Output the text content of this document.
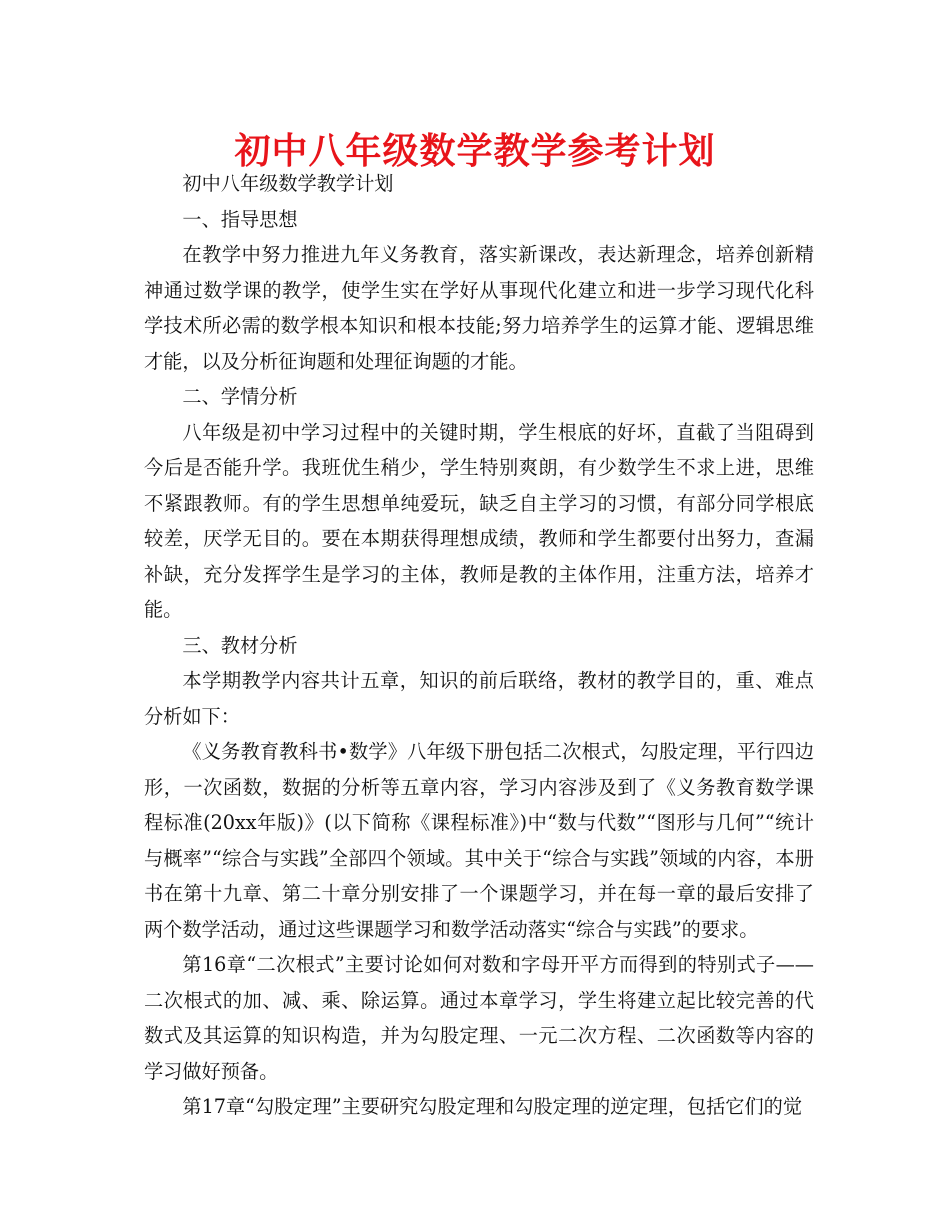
初中八年级数学教学参考计划

初中八年级数学教学计划

一、指导思想

在教学中努力推进九年义务教育，落实新课改，表达新理念，培养创新精神通过数学课的教学，使学生实在学好从事现代化建立和进一步学习现代化科学技术所必需的数学根本知识和根本技能;努力培养学生的运算才能、逻辑思维才能，以及分析征询题和处理征询题的才能。

二、学情分析

八年级是初中学习过程中的关键时期，学生根底的好坏，直截了当阻碍到今后是否能升学。我班优生稍少，学生特别爽朗，有少数学生不求上进，思维不紧跟教师。有的学生思想单纯爱玩，缺乏自主学习的习惯，有部分同学根底较差，厌学无目的。要在本期获得理想成绩，教师和学生都要付出努力，查漏补缺，充分发挥学生是学习的主体，教师是教的主体作用，注重方法，培养才能。

三、教材分析

本学期教学内容共计五章，知识的前后联络，教材的教学目的，重、难点分析如下：

《义务教育教科书•数学》八年级下册包括二次根式，勾股定理，平行四边形，一次函数，数据的分析等五章内容，学习内容涉及到了《义务教育数学课程标准(20xx年版)》(以下简称《课程标准》)中“数与代数”“图形与几何”“统计与概率”“综合与实践”全部四个领域。其中关于“综合与实践”领域的内容，本册书在第十九章、第二十章分别安排了一个课题学习，并在每一章的最后安排了两个数学活动，通过这些课题学习和数学活动落实“综合与实践”的要求。

第16章“二次根式”主要讨论如何对数和字母开平方而得到的特别式子——二次根式的加、减、乘、除运算。通过本章学习，学生将建立起比较完善的代数式及其运算的知识构造，并为勾股定理、一元二次方程、二次函数等内容的学习做好预备。

第17章“勾股定理”主要研究勾股定理和勾股定理的逆定理，包括它们的觉
